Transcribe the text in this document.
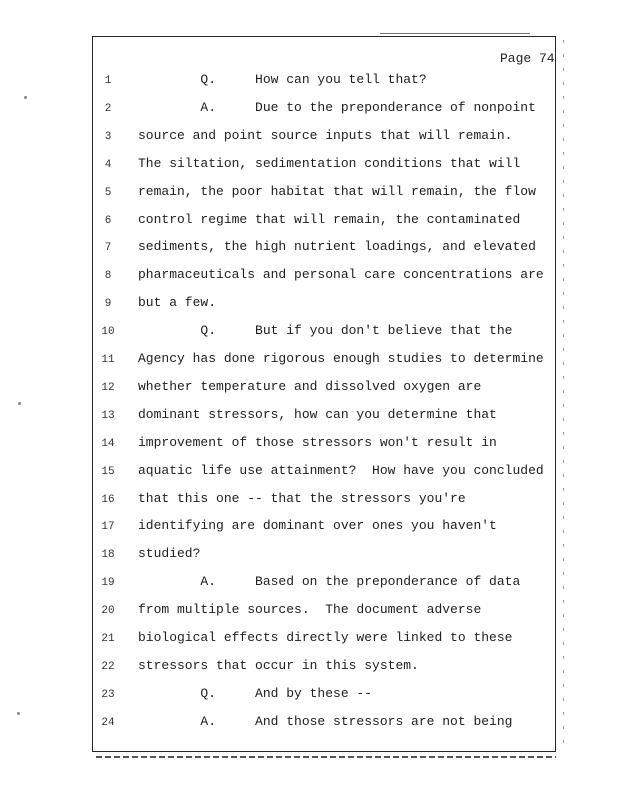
Page 74
1	Q.     How can you tell that?
2	A.     Due to the preponderance of nonpoint
3	source and point source inputs that will remain.
4	The siltation, sedimentation conditions that will
5	remain, the poor habitat that will remain, the flow
6	control regime that will remain, the contaminated
7	sediments, the high nutrient loadings, and elevated
8	pharmaceuticals and personal care concentrations are
9	but a few.
10	Q.     But if you don't believe that the
11	Agency has done rigorous enough studies to determine
12	whether temperature and dissolved oxygen are
13	dominant stressors, how can you determine that
14	improvement of those stressors won't result in
15	aquatic life use attainment?  How have you concluded
16	that this one -- that the stressors you're
17	identifying are dominant over ones you haven't
18	studied?
19	A.     Based on the preponderance of data
20	from multiple sources.  The document adverse
21	biological effects directly were linked to these
22	stressors that occur in this system.
23	Q.     And by these --
24	A.     And those stressors are not being
